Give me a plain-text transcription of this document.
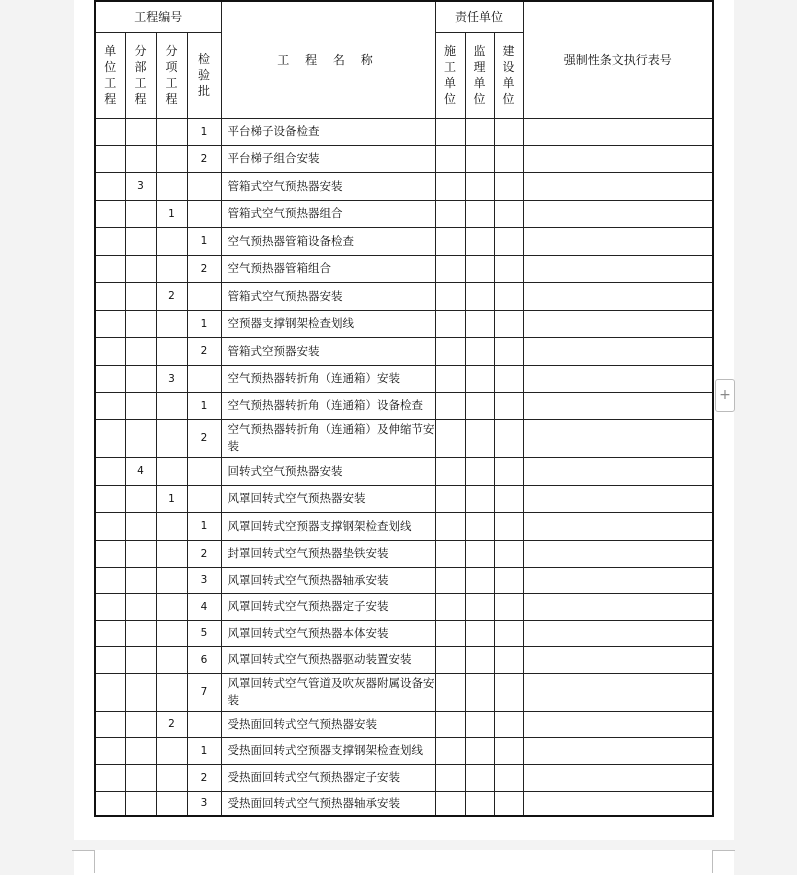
工程编号				工 程 名 称	责任单位			强制性条文执行表号
单位工程	分部工程	分项工程	检验批		施工单位	监理单位	建设单位	
			1	平台梯子设备检查				
			2	平台梯子组合安装				
	3			管箱式空气预热器安装				
		1		管箱式空气预热器组合				
			1	空气预热器管箱设备检查				
			2	空气预热器管箱组合				
		2		管箱式空气预热器安装				
			1	空预器支撑钢架检查划线				
			2	管箱式空预器安装				
		3		空气预热器转折角（连通箱）安装				
			1	空气预热器转折角（连通箱）设备检查				
			2	空气预热器转折角（连通箱）及伸缩节安装				
	4			回转式空气预热器安装				
		1		风罩回转式空气预热器安装				
			1	风罩回转式空预器支撑钢架检查划线				
			2	封罩回转式空气预热器垫铁安装				
			3	风罩回转式空气预热器轴承安装				
			4	风罩回转式空气预热器定子安装				
			5	风罩回转式空气预热器本体安装				
			6	风罩回转式空气预热器驱动装置安装				
			7	风罩回转式空气管道及吹灰器附属设备安装				
		2		受热面回转式空气预热器安装				
			1	受热面回转式空预器支撑钢架检查划线				
			2	受热面回转式空气预热器定子安装				
			3	受热面回转式空气预热器轴承安装				
+
